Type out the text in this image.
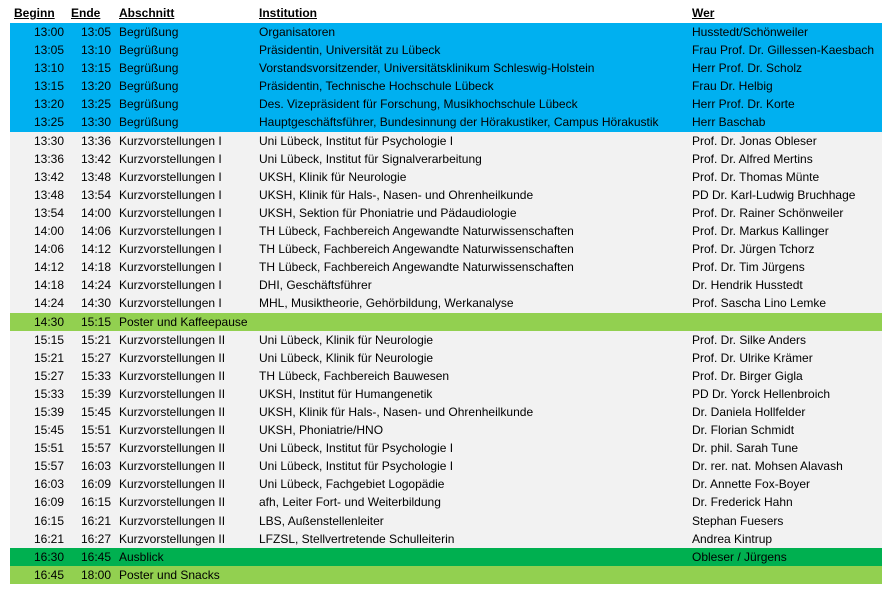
Beginn Ende Abschnitt	Institution	Wer
13:00	13:05 Begrüßung	Organisatoren	Husstedt/Schönweiler
13:05	13:10 Begrüßung	Präsidentin, Universität zu Lübeck	Frau Prof. Dr. Gillessen-Kaesbach
13:10	13:15 Begrüßung	Vorstandsvorsitzender, Universitätsklinikum Schleswig-Holstein	Herr Prof. Dr. Scholz
13:15	13:20 Begrüßung	Präsidentin, Technische Hochschule Lübeck	Frau Dr. Helbig
13:20	13:25 Begrüßung	Des. Vizepräsident für Forschung, Musikhochschule Lübeck	Herr Prof. Dr. Korte
13:25	13:30 Begrüßung	Hauptgeschäftsführer, Bundesinnung der Hörakustiker, Campus Hörakustik	Herr Baschab
13:30	13:36 Kurzvorstellungen I	Uni Lübeck, Institut für Psychologie I	Prof. Dr. Jonas Obleser
13:36	13:42 Kurzvorstellungen I	Uni Lübeck, Institut für Signalverarbeitung	Prof. Dr. Alfred Mertins
13:42	13:48 Kurzvorstellungen I	UKSH, Klinik für Neurologie	Prof. Dr. Thomas Münte
13:48	13:54 Kurzvorstellungen I	UKSH, Klinik für Hals-, Nasen- und Ohrenheilkunde	PD Dr. Karl-Ludwig Bruchhage
13:54	14:00 Kurzvorstellungen I	UKSH, Sektion für Phoniatrie und Pädaudiologie	Prof. Dr. Rainer Schönweiler
14:00	14:06 Kurzvorstellungen I	TH Lübeck, Fachbereich Angewandte Naturwissenschaften	Prof. Dr. Markus Kallinger
14:06	14:12 Kurzvorstellungen I	TH Lübeck, Fachbereich Angewandte Naturwissenschaften	Prof. Dr. Jürgen Tchorz
14:12	14:18 Kurzvorstellungen I	TH Lübeck, Fachbereich Angewandte Naturwissenschaften	Prof. Dr. Tim Jürgens
14:18	14:24 Kurzvorstellungen I	DHI, Geschäftsführer	Dr. Hendrik Husstedt
14:24	14:30 Kurzvorstellungen I	MHL, Musiktheorie, Gehörbildung, Werkanalyse	Prof. Sascha Lino Lemke
14:30	15:15 Poster und Kaffeepause
15:15	15:21 Kurzvorstellungen II	Uni Lübeck, Klinik für Neurologie	Prof. Dr. Silke Anders
15:21	15:27 Kurzvorstellungen II	Uni Lübeck, Klinik für Neurologie	Prof. Dr. Ulrike Krämer
15:27	15:33 Kurzvorstellungen II	TH Lübeck, Fachbereich Bauwesen	Prof. Dr. Birger Gigla
15:33	15:39 Kurzvorstellungen II	UKSH, Institut für Humangenetik	PD Dr. Yorck Hellenbroich
15:39	15:45 Kurzvorstellungen II	UKSH, Klinik für Hals-, Nasen- und Ohrenheilkunde	Dr. Daniela Hollfelder
15:45	15:51 Kurzvorstellungen II	UKSH, Phoniatrie/HNO	Dr. Florian Schmidt
15:51	15:57 Kurzvorstellungen II	Uni Lübeck, Institut für Psychologie I	Dr. phil. Sarah Tune
15:57	16:03 Kurzvorstellungen II	Uni Lübeck, Institut für Psychologie I	Dr. rer. nat. Mohsen Alavash
16:03	16:09 Kurzvorstellungen II	Uni Lübeck, Fachgebiet Logopädie	Dr. Annette Fox-Boyer
16:09	16:15 Kurzvorstellungen II	afh, Leiter Fort- und Weiterbildung	Dr. Frederick Hahn
16:15	16:21 Kurzvorstellungen II	LBS, Außenstellenleiter	Stephan Fuesers
16:21	16:27 Kurzvorstellungen II	LFZSL, Stellvertretende Schulleiterin	Andrea Kintrup
16:30	16:45 Ausblick	Obleser / Jürgens
16:45	18:00 Poster und Snacks
